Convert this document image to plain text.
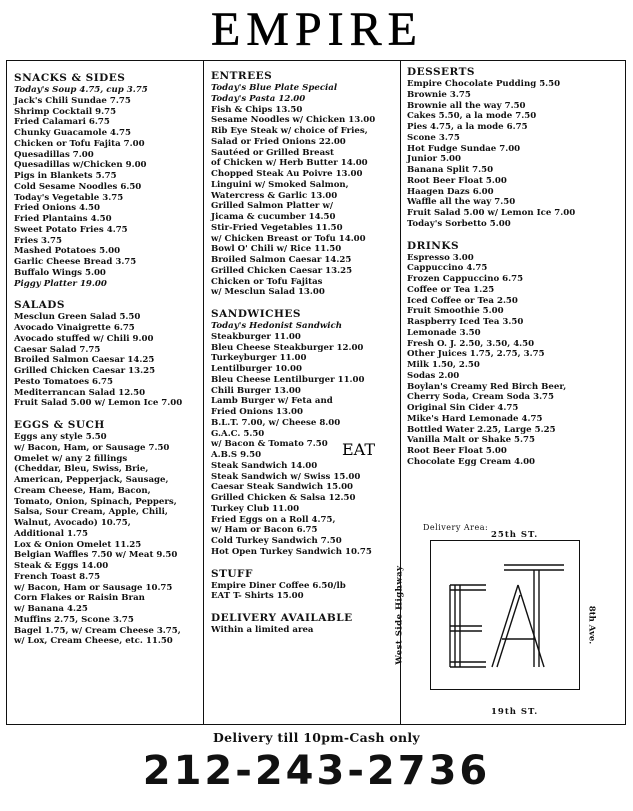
EMPIRE
SNACKS & SIDES
Today's Soup 4.75, cup 3.75
Jack's Chili Sundae 7.75
Shrimp Cocktail 9.75
Fried Calamari 6.75
Chunky Guacamole 4.75
Chicken or Tofu Fajita 7.00
Quesadillas 7.00
Quesadillas w/Chicken 9.00
Pigs in Blankets 5.75
Cold Sesame Noodles 6.50
Today's Vegetable 3.75
Fried Onions 4.50
Fried Plantains 4.50
Sweet Potato Fries 4.75
Fries 3.75
Mashed Potatoes 5.00
Garlic Cheese Bread 3.75
Buffalo Wings 5.00
Piggy Platter 19.00
SALADS
Mesclun Green Salad 5.50
Avocado Vinaigrette 6.75
Avocado stuffed w/ Chili 9.00
Caesar Salad 7.75
Broiled Salmon Caesar 14.25
Grilled Chicken Caesar 13.25
Pesto Tomatoes 6.75
Mediterrancan Salad 12.50
Fruit Salad 5.00 w/ Lemon Ice 7.00
EGGS & SUCH
Eggs any style 5.50
w/ Bacon, Ham, or Sausage 7.50
Omelet w/ any 2 fillings
(Cheddar, Bleu, Swiss, Brie,
American, Pepperjack, Sausage,
Cream Cheese, Ham, Bacon,
Tomato, Onion, Spinach, Peppers,
Salsa, Sour Cream, Apple, Chili,
Walnut, Avocado) 10.75,
Additional 1.75
Lox & Onion Omelet 11.25
Belgian Waffles 7.50 w/ Meat 9.50
Steak & Eggs 14.00
French Toast 8.75
w/ Bacon, Ham or Sausage 10.75
Corn Flakes or Raisin Bran
w/ Banana 4.25
Muffins 2.75, Scone 3.75
Bagel 1.75, w/ Cream Cheese 3.75,
w/ Lox, Cream Cheese, etc. 11.50
ENTREES
Today's Blue Plate Special
Today's Pasta 12.00
Fish & Chips 13.50
Sesame Noodles w/ Chicken 13.00
Rib Eye Steak w/ choice of Fries,
Salad or Fried Onions 22.00
Sautéed or Grilled Breast
of Chicken w/ Herb Butter 14.00
Chopped Steak Au Poivre 13.00
Linguini w/ Smoked Salmon,
Watercress & Garlic 13.00
Grilled Salmon Platter w/
Jicama & cucumber 14.50
Stir-Fried Vegetables 11.50
w/ Chicken Breast or Tofu 14.00
Bowl O' Chili w/ Rice 11.50
Broiled Salmon Caesar 14.25
Grilled Chicken Caesar 13.25
Chicken or Tofu Fajitas
w/ Mesclun Salad 13.00
SANDWICHES
Today's Hedonist Sandwich
Steakburger 11.00
Bleu Cheese Steakburger 12.00
Turkeyburger 11.00
Lentilburger 10.00
Bleu Cheese Lentilburger 11.00
Chili Burger 13.00
Lamb Burger w/ Feta and
Fried Onions 13.00
B.L.T. 7.00, w/ Cheese 8.00
G.A.C. 5.50
w/ Bacon & Tomato 7.50
A.B.S 9.50
Steak Sandwich 14.00
Steak Sandwich w/ Swiss 15.00
Caesar Steak Sandwich 15.00
Grilled Chicken & Salsa 12.50
Turkey Club 11.00
Fried Eggs on a Roll 4.75,
w/ Ham or Bacon 6.75
Cold Turkey Sandwich 7.50
Hot Open Turkey Sandwich 10.75
STUFF
Empire Diner Coffee 6.50/lb
EAT T- Shirts 15.00
DELIVERY AVAILABLE
Within a limited area
DESSERTS
Empire Chocolate Pudding 5.50
Brownie 3.75
Brownie all the way 7.50
Cakes 5.50, a la mode 7.50
Pies 4.75, a la mode 6.75
Scone 3.75
Hot Fudge Sundae 7.00
Junior 5.00
Banana Split 7.50
Root Beer Float 5.00
Haagen Dazs 6.00
Waffle all the way 7.50
Fruit Salad 5.00 w/ Lemon Ice 7.00
Today's Sorbetto 5.00
DRINKS
Espresso 3.00
Cappuccino 4.75
Frozen Cappuccino 6.75
Coffee or Tea 1.25
Iced Coffee or Tea 2.50
Fruit Smoothie 5.00
Raspberry Iced Tea 3.50
Lemonade 3.50
Fresh O. J. 2.50, 3.50, 4.50
Other Juices 1.75, 2.75, 3.75
Milk 1.50, 2.50
Sodas 2.00
Boylan's Creamy Red Birch Beer,
Cherry Soda, Cream Soda 3.75
Original Sin Cider 4.75
Mike's Hard Lemonade 4.75
Bottled Water 2.25, Large 5.25
Vanilla Malt or Shake 5.75
Root Beer Float 5.00
Chocolate Egg Cream 4.00
Delivery Area:
25th ST.
EAT
West Side Highway	8th Ave.
19th ST.
Delivery till 10pm-Cash only
212-243-2736
